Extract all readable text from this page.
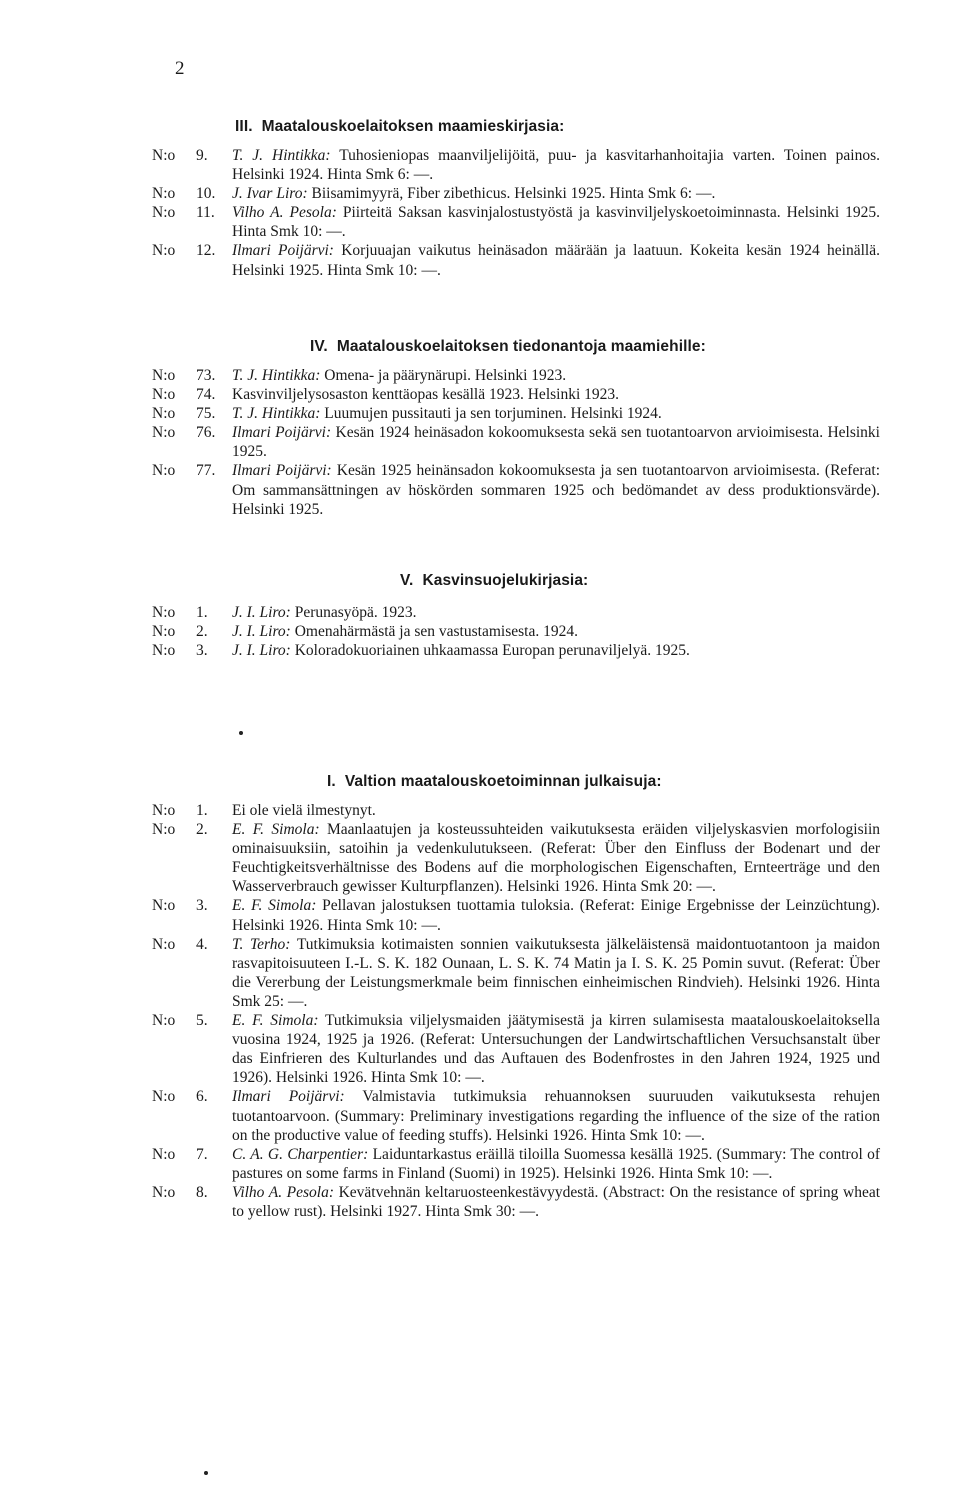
2
III. Maatalouskoelaitoksen maamieskirjasia:
N:o 9.	T. J. Hintikka: Tuhosieniopas maanviljelijöitä, puu- ja kasvitarhanhoitajia varten. Toinen painos. Helsinki 1924. Hinta Smk 6: —.
N:o 10.	J. Ivar Liro: Biisamimyyrä, Fiber zibethicus. Helsinki 1925. Hinta Smk 6: —.
N:o 11.	Vilho A. Pesola: Piirteitä Saksan kasvinjalostustyöstä ja kasvinviljelyskoetoiminnasta. Helsinki 1925. Hinta Smk 10: —.
N:o 12.	Ilmari Poijärvi: Korjuuajan vaikutus heinäsadon määrään ja laatuun. Kokeita kesän 1924 heinällä. Helsinki 1925. Hinta Smk 10: —.
IV. Maatalouskoelaitoksen tiedonantoja maamiehille:
N:o 73.	T. J. Hintikka: Omena- ja päärynärupi. Helsinki 1923.
N:o 74.	Kasvinviljelysosaston kenttäopas kesällä 1923. Helsinki 1923.
N:o 75.	T. J. Hintikka: Luumujen pussitauti ja sen torjuminen. Helsinki 1924.
N:o 76.	Ilmari Poijärvi: Kesän 1924 heinäsadon kokoomuksesta sekä sen tuotantoarvon arvioimisesta. Helsinki 1925.
N:o 77.	Ilmari Poijärvi: Kesän 1925 heinänsadon kokoomuksesta ja sen tuotantoarvon arvioimisesta. (Referat: Om sammansättningen av höskörden sommaren 1925 och bedömandet av dess produktionsvärde). Helsinki 1925.
V. Kasvinsuojelukirjasia:
N:o 1.	J. I. Liro: Perunasyöpä. 1923.
N:o 2.	J. I. Liro: Omenahärmästä ja sen vastustamisesta. 1924.
N:o 3.	J. I. Liro: Koloradokuoriainen uhkaamassa Europan perunaviljelyä. 1925.
I. Valtion maatalouskoetoiminnan julkaisuja:
N:o 1.	Ei ole vielä ilmestynyt.
N:o 2.	E. F. Simola: Maanlaatujen ja kosteussuhteiden vaikutuksesta eräiden viljelyskasvien morfologisiin ominaisuuksiin, satoihin ja vedenkulutukseen. (Referat: Über den Einfluss der Bodenart und der Feuchtigkeitsverhältnisse des Bodens auf die morphologischen Eigenschaften, Ernteerträge und den Wasserverbrauch gewisser Kulturpflanzen). Helsinki 1926. Hinta Smk 20: —.
N:o 3.	E. F. Simola: Pellavan jalostuksen tuottamia tuloksia. (Referat: Einige Ergebnisse der Leinzüchtung). Helsinki 1926. Hinta Smk 10: —.
N:o 4.	T. Terho: Tutkimuksia kotimaisten sonnien vaikutuksesta jälkeläistensä maidontuotantoon ja maidon rasvapitoisuuteen I.-L. S. K. 182 Ounaan, L. S. K. 74 Matin ja I. S. K. 25 Pomin suvut. (Referat: Über die Vererbung der Leistungsmerkmale beim finnischen einheimischen Rindvieh). Helsinki 1926. Hinta Smk 25: —.
N:o 5.	E. F. Simola: Tutkimuksia viljelysmaiden jäätymisestä ja kirren sulamisesta maatalouskoelaitoksella vuosina 1924, 1925 ja 1926. (Referat: Untersuchungen der Landwirtschaftlichen Versuchsanstalt über das Einfrieren des Kulturlandes und das Auftauen des Bodenfrostes in den Jahren 1924, 1925 und 1926). Helsinki 1926. Hinta Smk 10: —.
N:o 6.	Ilmari Poijärvi: Valmistavia tutkimuksia rehuannoksen suuruuden vaikutuksesta rehujen tuotantoarvoon. (Summary: Preliminary investigations regarding the influence of the size of the ration on the productive value of feeding stuffs). Helsinki 1926. Hinta Smk 10: —.
N:o 7.	C. A. G. Charpentier: Laiduntarkastus eräillä tiloilla Suomessa kesällä 1925. (Summary: The control of pastures on some farms in Finland (Suomi) in 1925). Helsinki 1926. Hinta Smk 10: —.
N:o 8.	Vilho A. Pesola: Kevätvehnän keltaruosteenkestävyydestä. (Abstract: On the resistance of spring wheat to yellow rust). Helsinki 1927. Hinta Smk 30: —.
